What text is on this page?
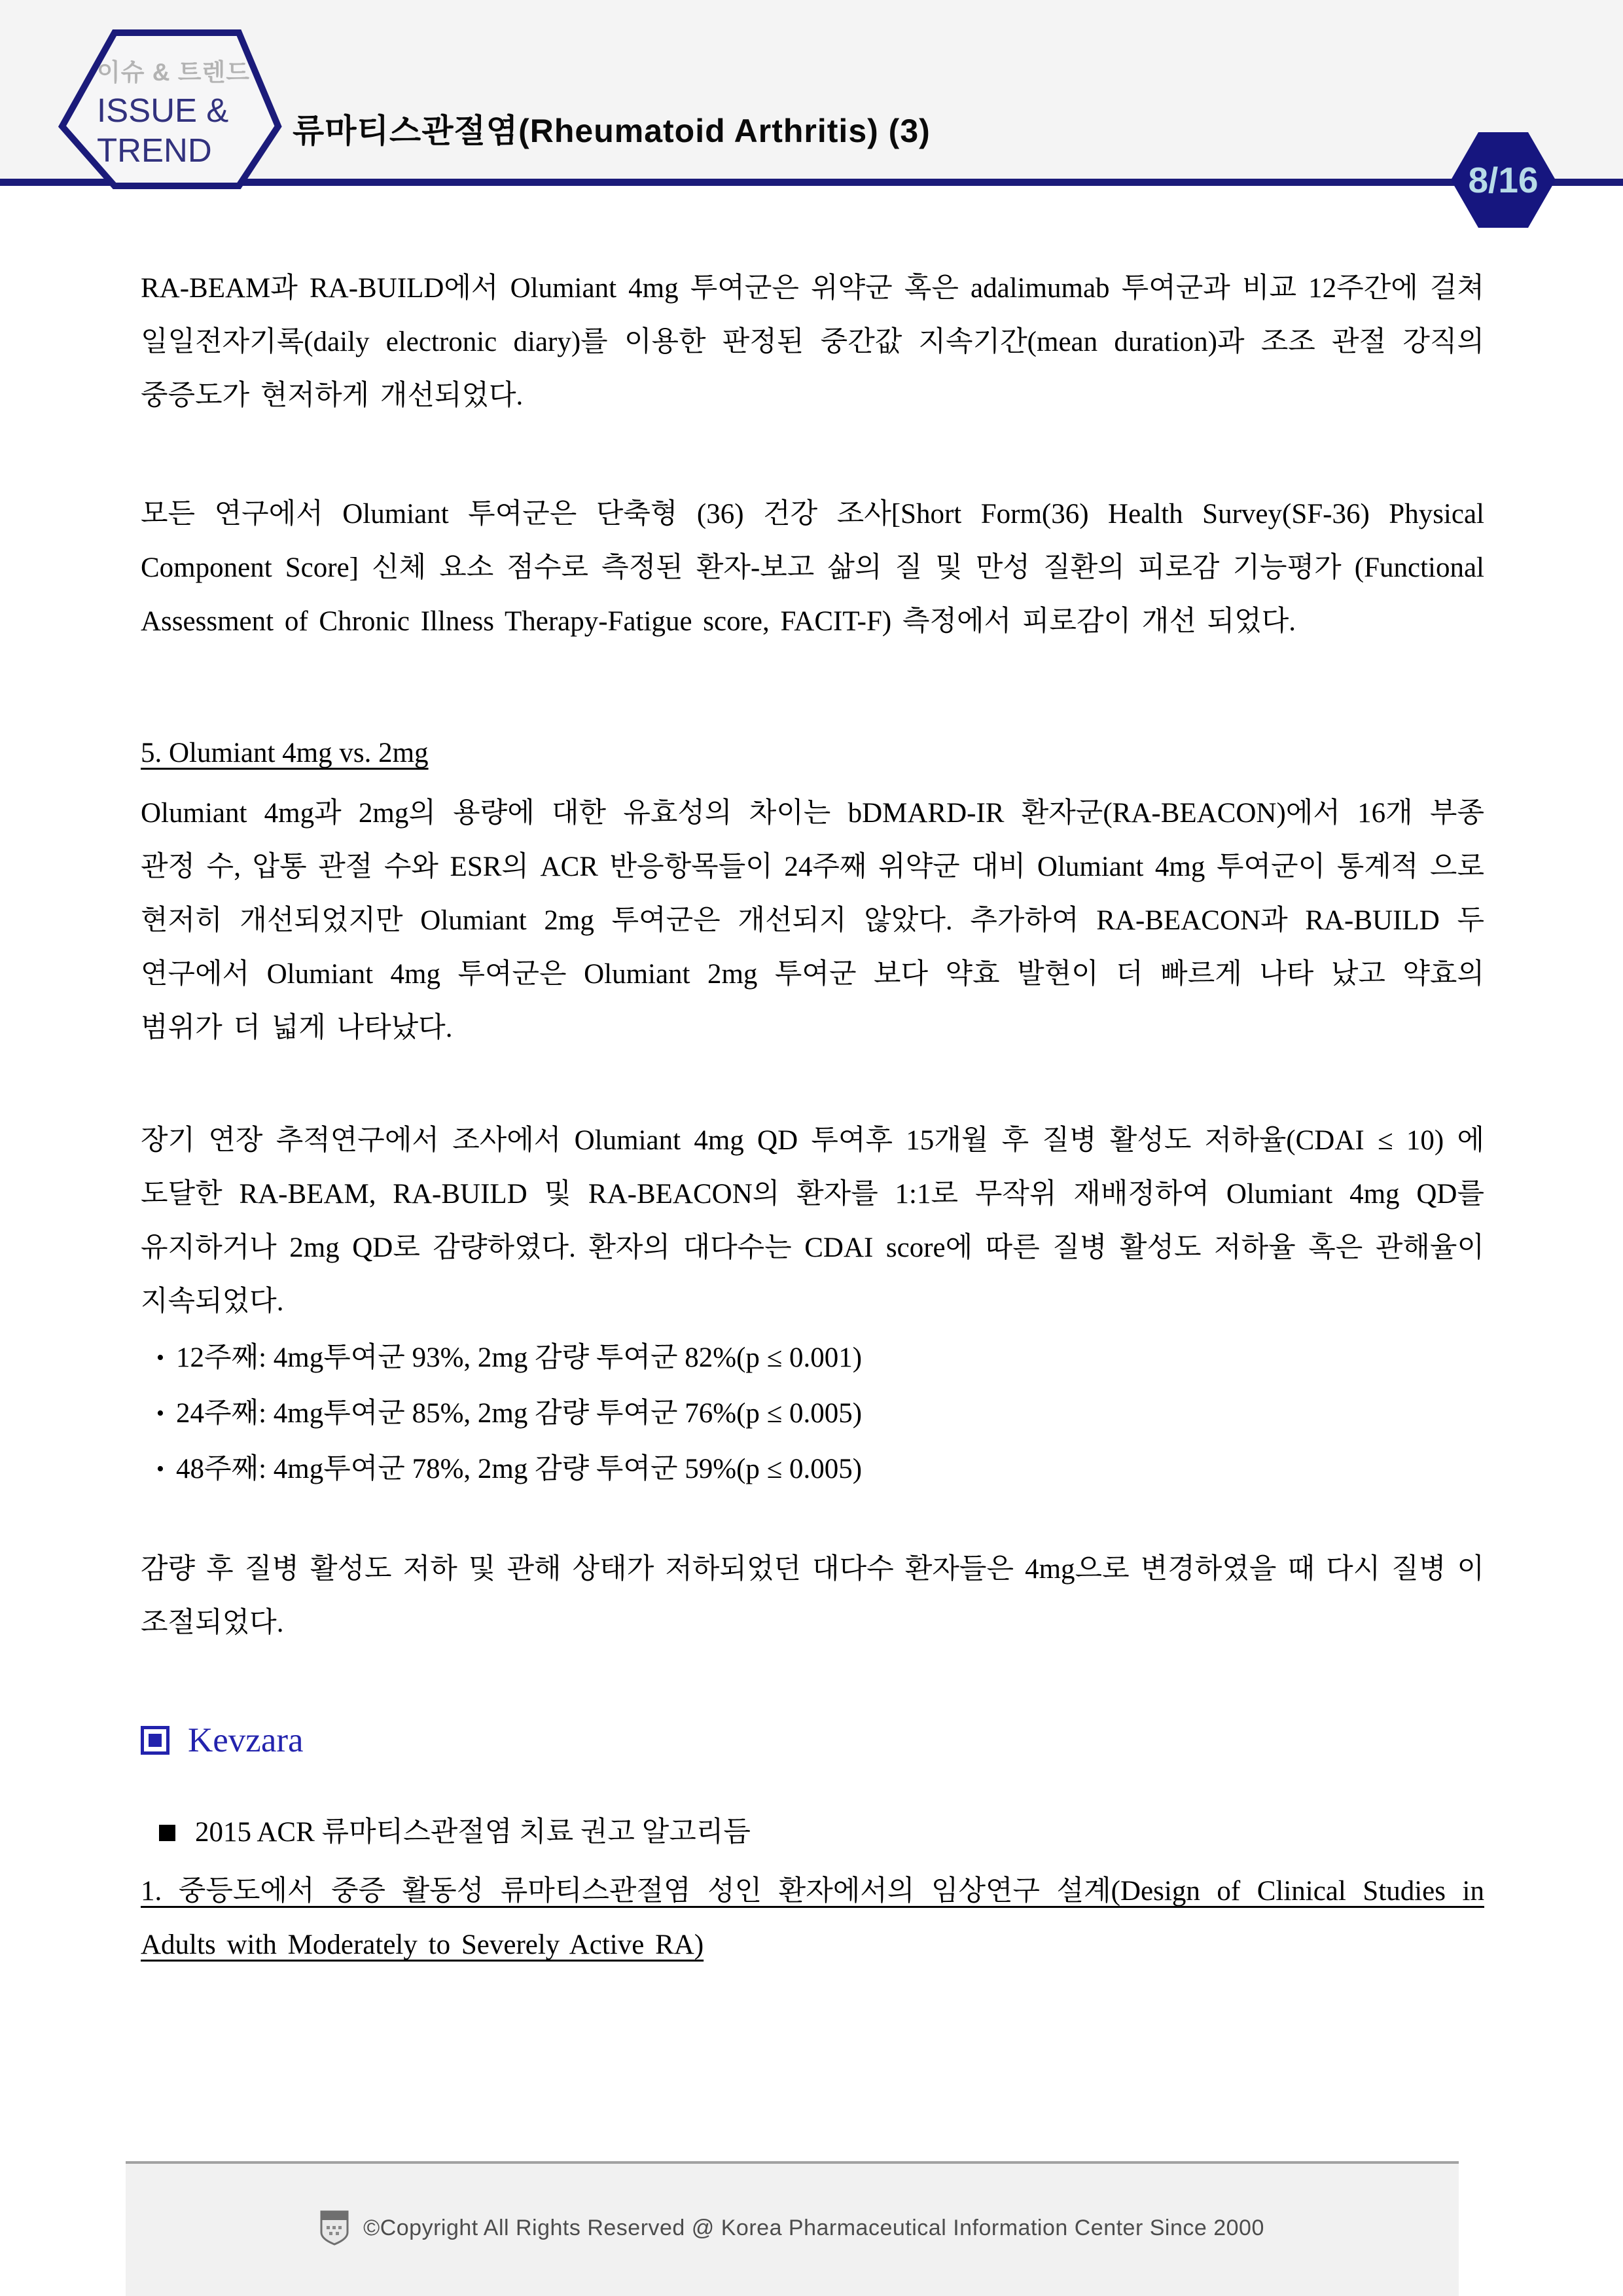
이슈 & 트렌드
ISSUE &
TREND
류마티스관절염(Rheumatoid Arthritis) (3)
8/16

RA-BEAM과 RA-BUILD에서 Olumiant 4mg 투여군은 위약군 혹은 adalimumab 투여군과 비교 12주간에 걸쳐 일일전자기록(daily electronic diary)를 이용한 판정된 중간값 지속기간(mean duration)과 조조 관절 강직의 중증도가 현저하게 개선되었다.

모든 연구에서 Olumiant 투여군은 단축형 (36) 건강 조사[Short Form(36) Health Survey(SF-36) Physical Component Score] 신체 요소 점수로 측정된 환자-보고 삶의 질 및 만성 질환의 피로감 기능평가 (Functional Assessment of Chronic Illness Therapy-Fatigue score, FACIT-F) 측정에서 피로감이 개선 되었다.

5. Olumiant 4mg vs. 2mg

Olumiant 4mg과 2mg의 용량에 대한 유효성의 차이는 bDMARD-IR 환자군(RA-BEACON)에서 16개 부종 관정 수, 압통 관절 수와 ESR의 ACR 반응항목들이 24주째 위약군 대비 Olumiant 4mg 투여군이 통계적 으로 현저히 개선되었지만 Olumiant 2mg 투여군은 개선되지 않았다. 추가하여 RA-BEACON과 RA-BUILD 두 연구에서 Olumiant 4mg 투여군은 Olumiant 2mg 투여군 보다 약효 발현이 더 빠르게 나타 났고 약효의 범위가 더 넓게 나타났다.

장기 연장 추적연구에서 조사에서 Olumiant 4mg QD 투여후 15개월 후 질병 활성도 저하율(CDAI ≤ 10) 에 도달한 RA-BEAM, RA-BUILD 및 RA-BEACON의 환자를 1:1로 무작위 재배정하여 Olumiant 4mg QD를 유지하거나 2mg QD로 감량하였다. 환자의 대다수는 CDAI score에 따른 질병 활성도 저하율 혹은 관해율이 지속되었다.

• 12주째: 4mg투여군 93%, 2mg 감량 투여군 82%(p ≤ 0.001)
• 24주째: 4mg투여군 85%, 2mg 감량 투여군 76%(p ≤ 0.005)
• 48주째: 4mg투여군 78%, 2mg 감량 투여군 59%(p ≤ 0.005)

감량 후 질병 활성도 저하 및 관해 상태가 저하되었던 대다수 환자들은 4mg으로 변경하였을 때 다시 질병 이 조절되었다.

Kevzara
2015 ACR 류마티스관절염 치료 권고 알고리듬
1. 중등도에서 중증 활동성 류마티스관절염 성인 환자에서의 임상연구 설계(Design of Clinical Studies in Adults with Moderately to Severely Active RA)
©Copyright All Rights Reserved @ Korea Pharmaceutical Information Center Since 2000
